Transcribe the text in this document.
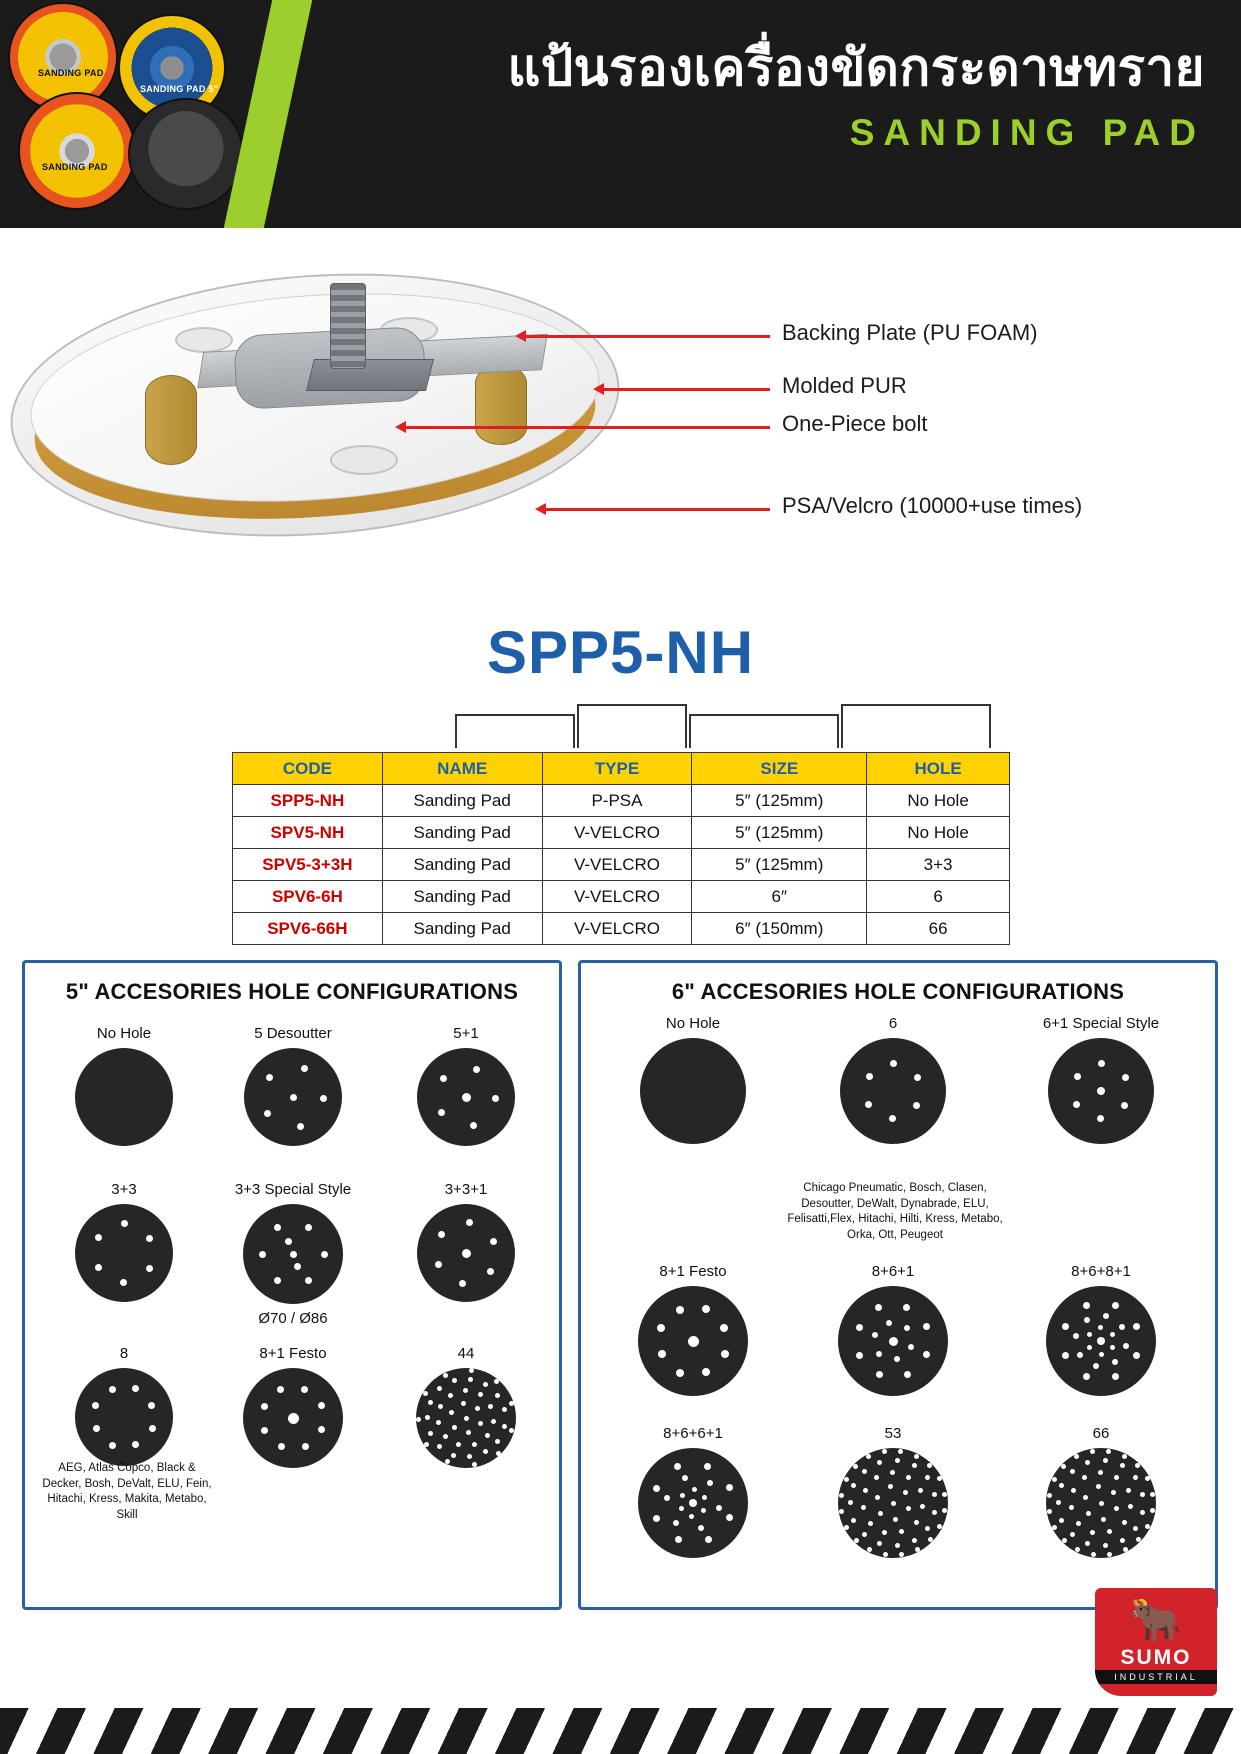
SANDING PAD
SANDING PAD 5"
SANDING PAD
แป้นรองเครื่องขัดกระดาษทราย
SANDING PAD
Backing Plate (PU FOAM)
Molded PUR
One-Piece bolt
PSA/Velcro (10000+use times)
SPP5-NH
CODE	NAME	TYPE	SIZE	HOLE
SPP5-NH	Sanding Pad	P-PSA	5″ (125mm)	No Hole
SPV5-NH	Sanding Pad	V-VELCRO	5″ (125mm)	No Hole
SPV5-3+3H	Sanding Pad	V-VELCRO	5″ (125mm)	3+3
SPV6-6H	Sanding Pad	V-VELCRO	6″	6
SPV6-66H	Sanding Pad	V-VELCRO	6″ (150mm)	66
5" ACCESORIES HOLE CONFIGURATIONS
No Hole	5 Desoutter	5+1
3+3	3+3 Special Style
Ø70 / Ø86
3+3+1
8	8+1 Festo	44
AEG, Atlas Copco, Black & Decker, Bosh, DeValt, ELU, Fein, Hitachi, Kress, Makita, Metabo, Skill
6" ACCESORIES HOLE CONFIGURATIONS
No Hole	6	6+1 Special Style
Chicago Pneumatic, Bosch, Clasen, Desoutter, DeWalt, Dynabrade, ELU, Felisatti,Flex, Hitachi, Hilti, Kress, Metabo, Orka, Ott, Peugeot
8+1 Festo	8+6+1	8+6+8+1
8+6+6+1	53	66
🐂
SUMO
INDUSTRIAL
